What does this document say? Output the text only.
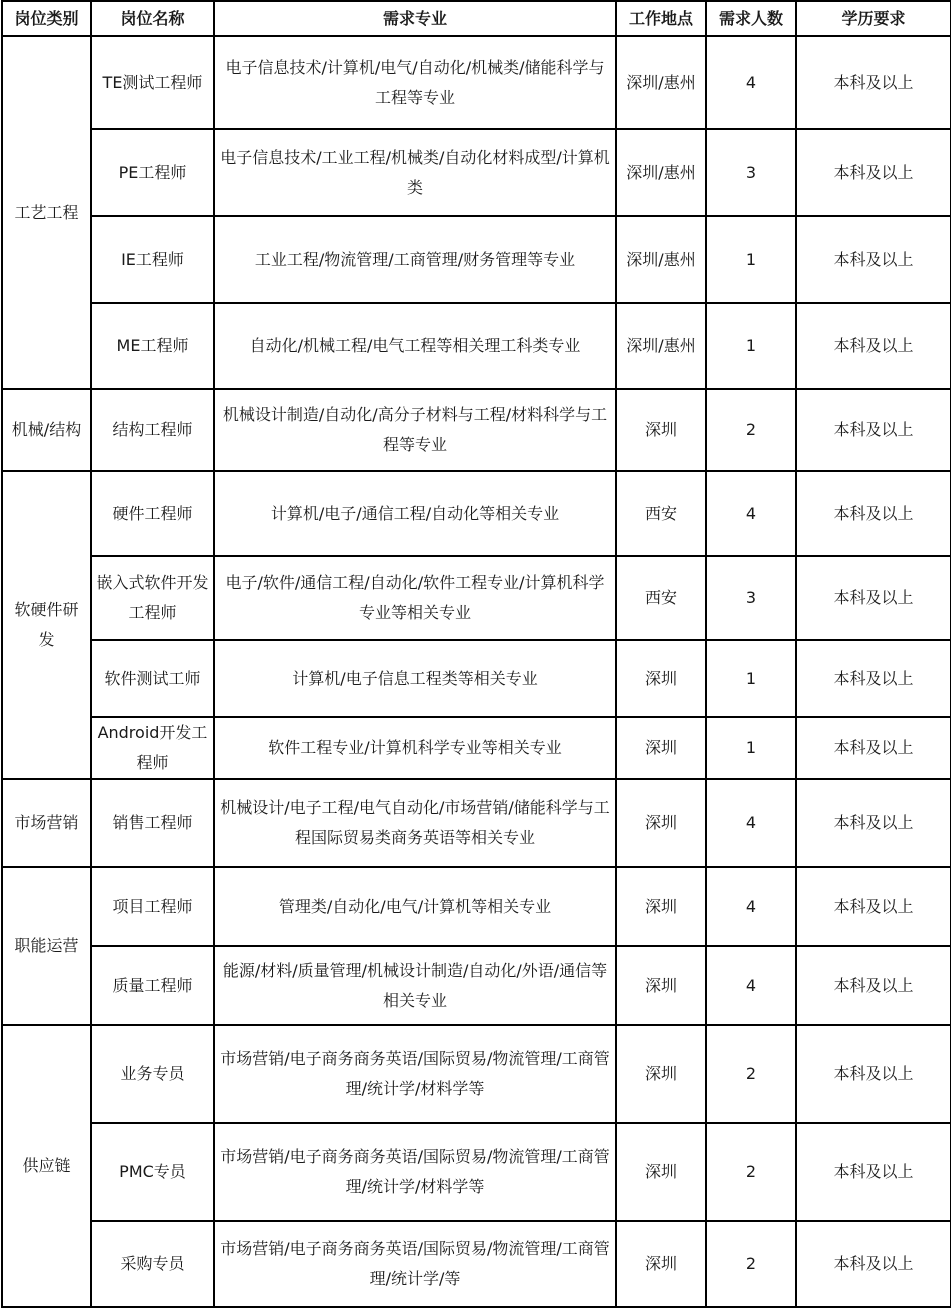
岗位类别	岗位名称	需求专业	工作地点	需求人数	学历要求
工艺工程	TE测试工程师	电子信息技术/计算机/电气/自动化/机械类/储能科学与工程等专业	深圳/惠州	4	本科及以上
	PE工程师	电子信息技术/工业工程/机械类/自动化材料成型/计算机类	深圳/惠州	3	本科及以上
	IE工程师	工业工程/物流管理/工商管理/财务管理等专业	深圳/惠州	1	本科及以上
	ME工程师	自动化/机械工程/电气工程等相关理工科类专业	深圳/惠州	1	本科及以上
机械/结构	结构工程师	机械设计制造/自动化/高分子材料与工程/材料科学与工程等专业	深圳	2	本科及以上
软硬件研发	硬件工程师	计算机/电子/通信工程/自动化等相关专业	西安	4	本科及以上
	嵌入式软件开发工程师	电子/软件/通信工程/自动化/软件工程专业/计算机科学专业等相关专业	西安	3	本科及以上
	软件测试工师	计算机/电子信息工程类等相关专业	深圳	1	本科及以上
	Android开发工程师	软件工程专业/计算机科学专业等相关专业	深圳	1	本科及以上
市场营销	销售工程师	机械设计/电子工程/电气自动化/市场营销/储能科学与工程国际贸易类商务英语等相关专业	深圳	4	本科及以上
职能运营	项目工程师	管理类/自动化/电气/计算机等相关专业	深圳	4	本科及以上
	质量工程师	能源/材料/质量管理/机械设计制造/自动化/外语/通信等相关专业	深圳	4	本科及以上
供应链	业务专员	市场营销/电子商务商务英语/国际贸易/物流管理/工商管理/统计学/材料学等	深圳	2	本科及以上
	PMC专员	市场营销/电子商务商务英语/国际贸易/物流管理/工商管理/统计学/材料学等	深圳	2	本科及以上
	采购专员	市场营销/电子商务商务英语/国际贸易/物流管理/工商管理/统计学/等	深圳	2	本科及以上
